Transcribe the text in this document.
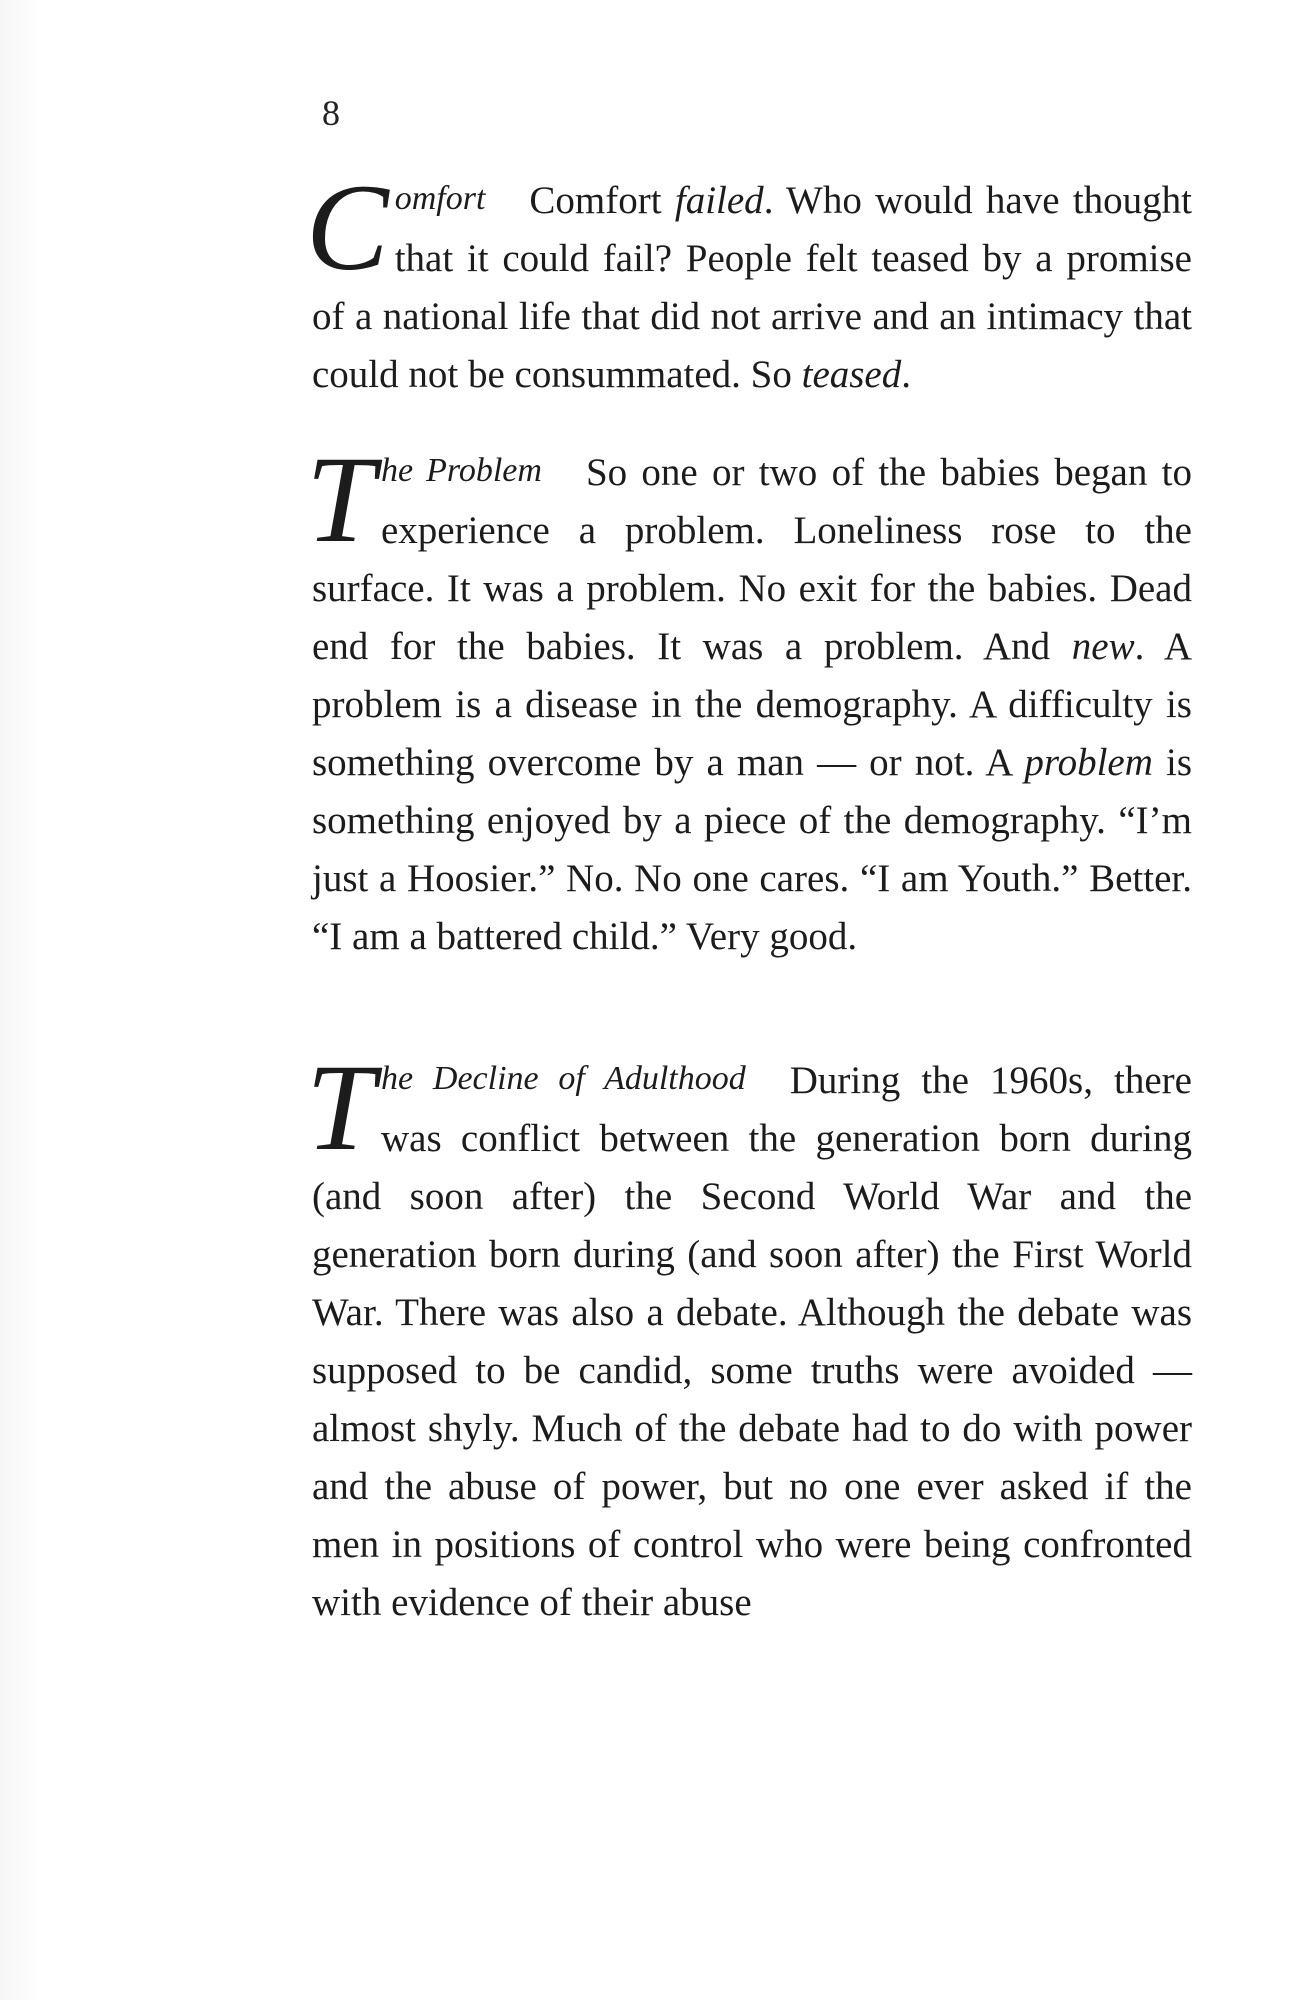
8

Comfort Comfort failed. Who would have thought that it could fail? People felt teased by a promise of a national life that did not arrive and an intimacy that could not be consummated. So teased.

The Problem So one or two of the babies began to experience a problem. Loneliness rose to the surface. It was a problem. No exit for the babies. Dead end for the babies. It was a problem. And new. A problem is a disease in the demography. A difficulty is something overcome by a man — or not. A problem is something enjoyed by a piece of the demography. “I’m just a Hoosier.” No. No one cares. “I am Youth.” Better. “I am a battered child.” Very good.

The Decline of Adulthood During the 1960s, there was conflict between the generation born during (and soon after) the Second World War and the generation born during (and soon after) the First World War. There was also a debate. Although the debate was supposed to be candid, some truths were avoided — almost shyly. Much of the debate had to do with power and the abuse of power, but no one ever asked if the men in positions of control who were being confronted with evidence of their abuse
